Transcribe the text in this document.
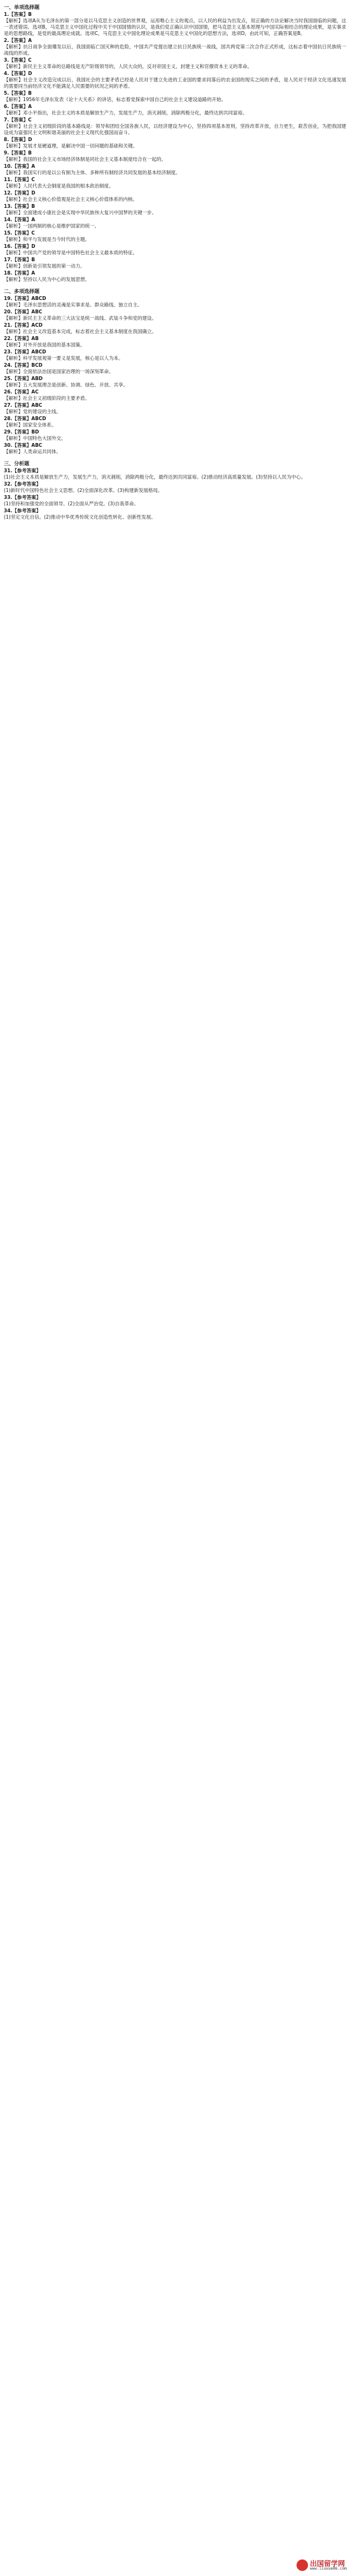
一、单项选择题
1.【答案】B
【解析】选项A从为毛泽东的第一部分是以马克思主义创造的世界观，运用唯心主义的观点，以人民的利益为出发点，用正确的方法论解决当时我国面临的问题，这一表述错误。选项B，马克思主义中国化过程中关于中国国情的认识，是我们党正确认识中国国情，把马克思主义基本原理与中国实际相结合的理论成果，是实事求是的思想路线，是党的最高理论成就。选项C，马克思主义中国化理论成果是马克思主义中国化的思想方法，选项D，由此可知，正确答案是B。
2.【答案】A
【解析】抗日战争全面爆发以后，我国面临亡国灭种的危险，中国共产党提出建立抗日民族统一战线，国共两党第二次合作正式形成，这标志着中国抗日民族统一战线的形成。
3.【答案】C
【解析】新民主主义革命的总路线是无产阶级领导的，人民大众的，反对帝国主义、封建主义和官僚资本主义的革命。
4.【答案】D
【解析】社会主义改造完成以后，我国社会的主要矛盾已经是人民对于建立先进的工业国的要求同落后的农业国的现实之间的矛盾，是人民对于经济文化迅速发展的需要同当前经济文化不能满足人民需要的状况之间的矛盾。
5.【答案】B
【解析】1956年毛泽东发表《论十大关系》的讲话，标志着党探索中国自己的社会主义建设道路的开始。
6.【答案】A
【解析】邓小平指出，社会主义的本质是解放生产力，发展生产力，消灭剥削，消除两极分化，最终达到共同富裕。
7.【答案】C
【解析】社会主义初级阶段的基本路线是：领导和团结全国各族人民，以经济建设为中心，坚持四项基本原则，坚持改革开放，自力更生，艰苦创业，为把我国建设成为富强民主文明和谐美丽的社会主义现代化强国而奋斗。
8.【答案】D
【解析】发展才是硬道理，是解决中国一切问题的基础和关键。
9.【答案】B
【解析】我国的社会主义市场经济体制是同社会主义基本制度结合在一起的。
10.【答案】A
【解析】我国实行的是以公有制为主体、多种所有制经济共同发展的基本经济制度。
11.【答案】C
【解析】人民代表大会制度是我国的根本政治制度。
12.【答案】D
【解析】社会主义核心价值观是社会主义核心价值体系的内核。
13.【答案】B
【解析】全面建成小康社会是实现中华民族伟大复兴中国梦的关键一步。
14.【答案】A
【解析】一国两制的核心是维护国家的统一。
15.【答案】C
【解析】和平与发展是当今时代的主题。
16.【答案】D
【解析】中国共产党的领导是中国特色社会主义最本质的特征。
17.【答案】B
【解析】创新是引领发展的第一动力。
18.【答案】A
【解析】坚持以人民为中心的发展思想。
二、多项选择题
19.【答案】ABCD
【解析】毛泽东思想活的灵魂是实事求是、群众路线、独立自主。
20.【答案】ABC
【解析】新民主主义革命的三大法宝是统一战线、武装斗争和党的建设。
21.【答案】ACD
【解析】社会主义改造基本完成，标志着社会主义基本制度在我国确立。
22.【答案】AB
【解析】对外开放是我国的基本国策。
23.【答案】ABCD
【解析】科学发展观第一要义是发展，核心是以人为本。
24.【答案】BCD
【解析】全面依法治国是国家治理的一场深刻革命。
25.【答案】ABD
【解析】五大发展理念是创新、协调、绿色、开放、共享。
26.【答案】AC
【解析】社会主义初级阶段的主要矛盾。
27.【答案】ABC
【解析】党的建设的主线。
28.【答案】ABCD
【解析】国家安全体系。
29.【答案】BD
【解析】中国特色大国外交。
30.【答案】ABC
【解析】人类命运共同体。
三、分析题
31.【参考答案】
(1)社会主义本质是解放生产力，发展生产力，消灭剥削，消除两极分化，最终达到共同富裕。(2)推动经济高质量发展。(3)坚持以人民为中心。
32.【参考答案】
(1)新时代中国特色社会主义思想。(2)全面深化改革。(3)构建新发展格局。
33.【参考答案】
(1)坚持和加强党的全面领导。(2)全面从严治党。(3)自我革命。
34.【参考答案】
(1)坚定文化自信。(2)推动中华优秀传统文化创造性转化、创新性发展。
出国留学网
www.liuxue86.com
